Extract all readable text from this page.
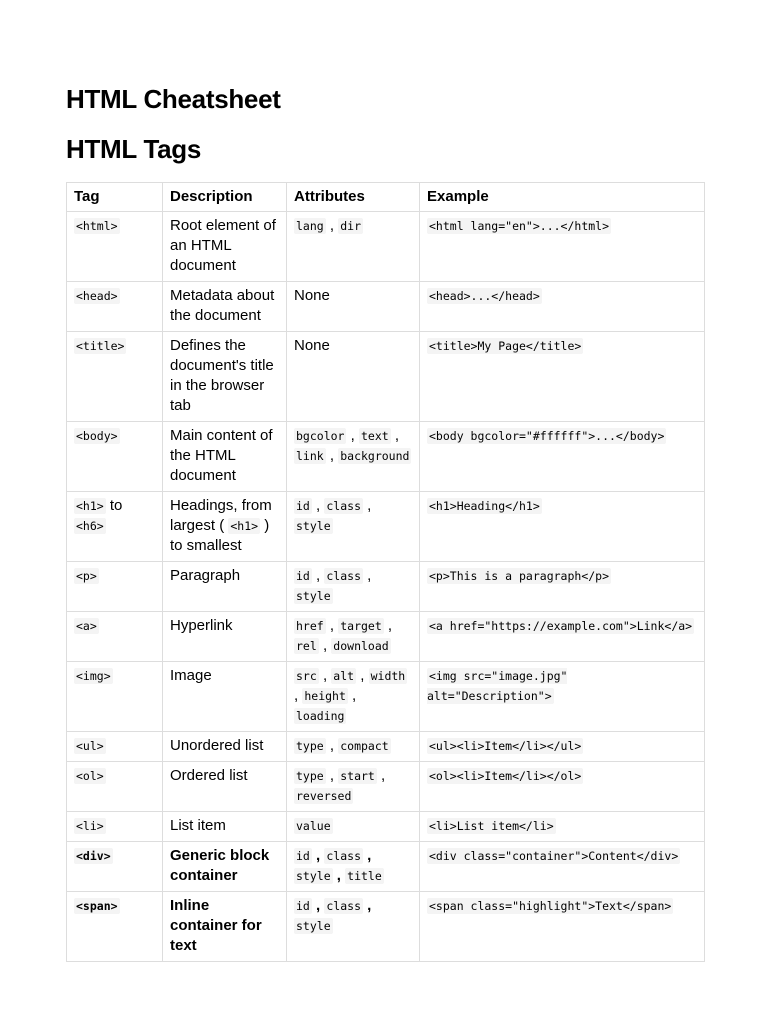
HTML Cheatsheet
HTML Tags
Tag	Description	Attributes	Example
<html>	Root element of an HTML document	lang , dir	<html lang="en">...</html>
<head>	Metadata about the document	None	<head>...</head>
<title>	Defines the document's title in the browser tab	None	<title>My Page</title>
<body>	Main content of the HTML document	bgcolor , text , link , background	<body bgcolor="#ffffff">...</body>
<h1> to <h6>	Headings, from largest ( <h1> ) to smallest	id , class , style	<h1>Heading</h1>
<p>	Paragraph	id , class , style	<p>This is a paragraph</p>
<a>	Hyperlink	href , target , rel , download	<a href="https://example.com">Link</a>
<img>	Image	src , alt , width , height , loading	<img src="image.jpg" alt="Description">
<ul>	Unordered list	type , compact	<ul><li>Item</li></ul>
<ol>	Ordered list	type , start , reversed	<ol><li>Item</li></ol>
<li>	List item	value	<li>List item</li>
<div>	Generic block container	id , class , style , title	<div class="container">Content</div>
<span>	Inline container for text	id , class , style	<span class="highlight">Text</span>
